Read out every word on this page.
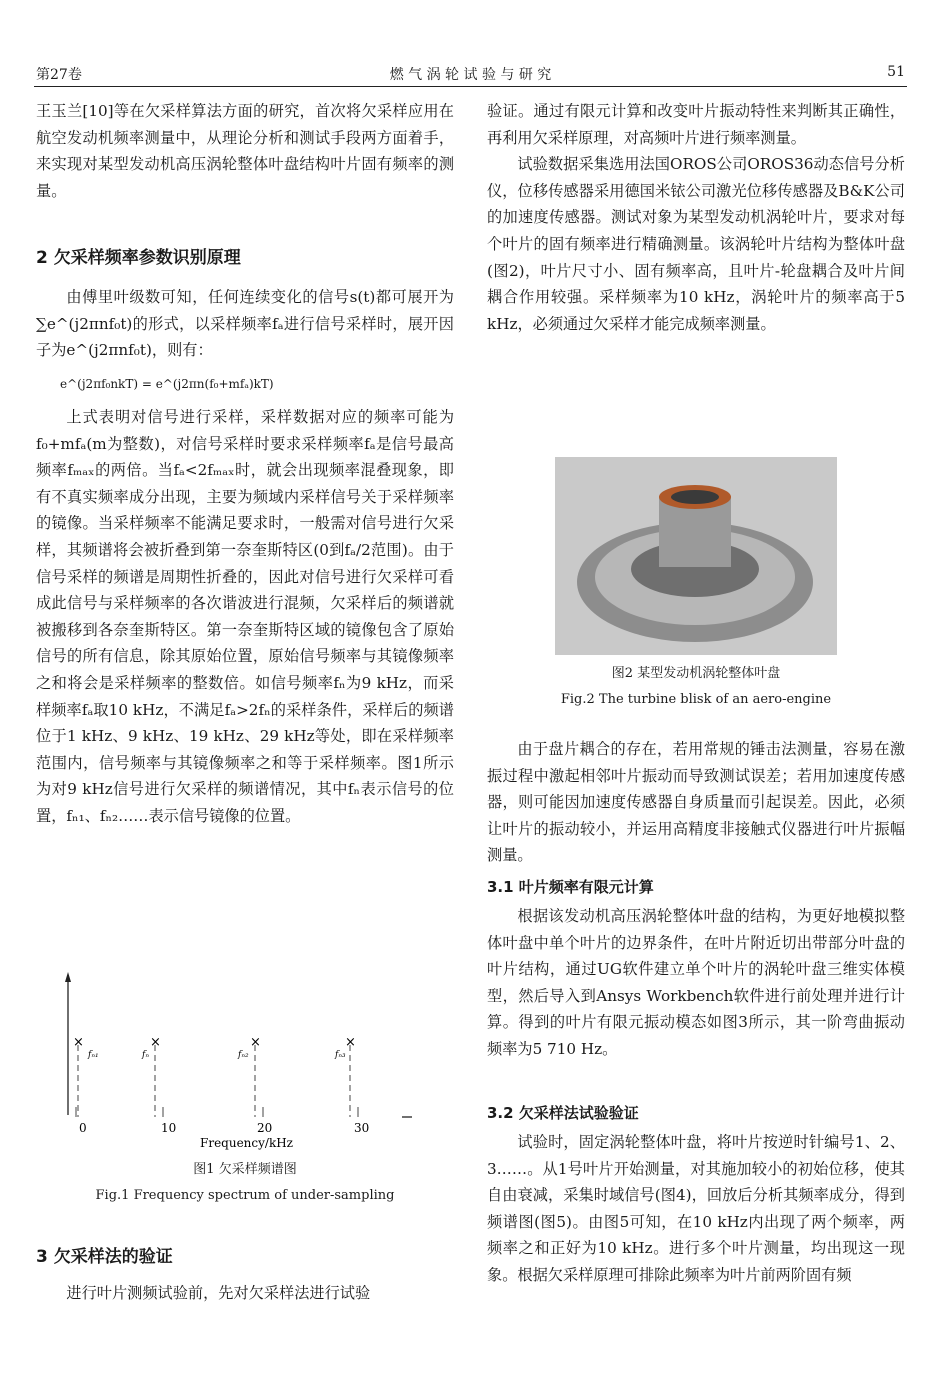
第27卷	燃 气 涡 轮 试 验 与 研 究	51

王玉兰[10]等在欠采样算法方面的研究，首次将欠采样应用在航空发动机频率测量中，从理论分析和测试手段两方面着手，来实现对某型发动机高压涡轮整体叶盘结构叶片固有频率的测量。

2 欠采样频率参数识别原理

由傅里叶级数可知，任何连续变化的信号s(t)都可展开为∑e^(j2πnf₀t)的形式，以采样频率fₐ进行信号采样时，展开因子为e^(j2πnf₀t)，则有：

e^(j2πf₀nkT) = e^(j2πn(f₀+mfₐ)kT)

上式表明对信号进行采样，采样数据对应的频率可能为f₀+mfₐ(m为整数)，对信号采样时要求采样频率fₐ是信号最高频率fₘₐₓ的两倍。当fₐ<2fₘₐₓ时，就会出现频率混叠现象，即有不真实频率成分出现，主要为频域内采样信号关于采样频率的镜像。当采样频率不能满足要求时，一般需对信号进行欠采样，其频谱将会被折叠到第一奈奎斯特区(0到fₐ/2范围)。由于信号采样的频谱是周期性折叠的，因此对信号进行欠采样可看成此信号与采样频率的各次谐波进行混频，欠采样后的频谱就被搬移到各奈奎斯特区。第一奈奎斯特区域的镜像包含了原始信号的所有信息，除其原始位置，原始信号频率与其镜像频率之和将会是采样频率的整数倍。如信号频率fₙ为9 kHz，而采样频率fₐ取10 kHz，不满足fₐ>2fₙ的采样条件，采样后的频谱位于1 kHz、9 kHz、19 kHz、29 kHz等处，即在采样频率范围内，信号频率与其镜像频率之和等于采样频率。图1所示为对9 kHz信号进行欠采样的频谱情况，其中fₙ表示信号的位置，fₙ₁、fₙ₂……表示信号镜像的位置。

×	×	×	×
0	10	20	30
fₙ₁	fₙ	fₙ₂	fₙ₃
Frequency/kHz
图1 欠采样频谱图
Fig.1 Frequency spectrum of under-sampling
3 欠采样法的验证

进行叶片测频试验前，先对欠采样法进行试验

验证。通过有限元计算和改变叶片振动特性来判断其正确性，再利用欠采样原理，对高频叶片进行频率测量。

试验数据采集选用法国OROS公司OROS36动态信号分析仪，位移传感器采用德国米铱公司激光位移传感器及B&K公司的加速度传感器。测试对象为某型发动机涡轮叶片，要求对每个叶片的固有频率进行精确测量。该涡轮叶片结构为整体叶盘(图2)，叶片尺寸小、固有频率高，且叶片-轮盘耦合及叶片间耦合作用较强。采样频率为10 kHz，涡轮叶片的频率高于5 kHz，必须通过欠采样才能完成频率测量。

图2 某型发动机涡轮整体叶盘
Fig.2 The turbine blisk of an aero-engine

由于盘片耦合的存在，若用常规的锤击法测量，容易在激振过程中激起相邻叶片振动而导致测试误差；若用加速度传感器，则可能因加速度传感器自身质量而引起误差。因此，必须让叶片的振动较小，并运用高精度非接触式仪器进行叶片振幅测量。

3.1 叶片频率有限元计算

根据该发动机高压涡轮整体叶盘的结构，为更好地模拟整体叶盘中单个叶片的边界条件，在叶片附近切出带部分叶盘的叶片结构，通过UG软件建立单个叶片的涡轮叶盘三维实体模型，然后导入到Ansys Workbench软件进行前处理并进行计算。得到的叶片有限元振动模态如图3所示，其一阶弯曲振动频率为5 710 Hz。

3.2 欠采样法试验验证

试验时，固定涡轮整体叶盘，将叶片按逆时针编号1、2、3……。从1号叶片开始测量，对其施加较小的初始位移，使其自由衰减，采集时域信号(图4)，回放后分析其频率成分，得到频谱图(图5)。由图5可知，在10 kHz内出现了两个频率，两频率之和正好为10 kHz。进行多个叶片测量，均出现这一现象。根据欠采样原理可排除此频率为叶片前两阶固有频
